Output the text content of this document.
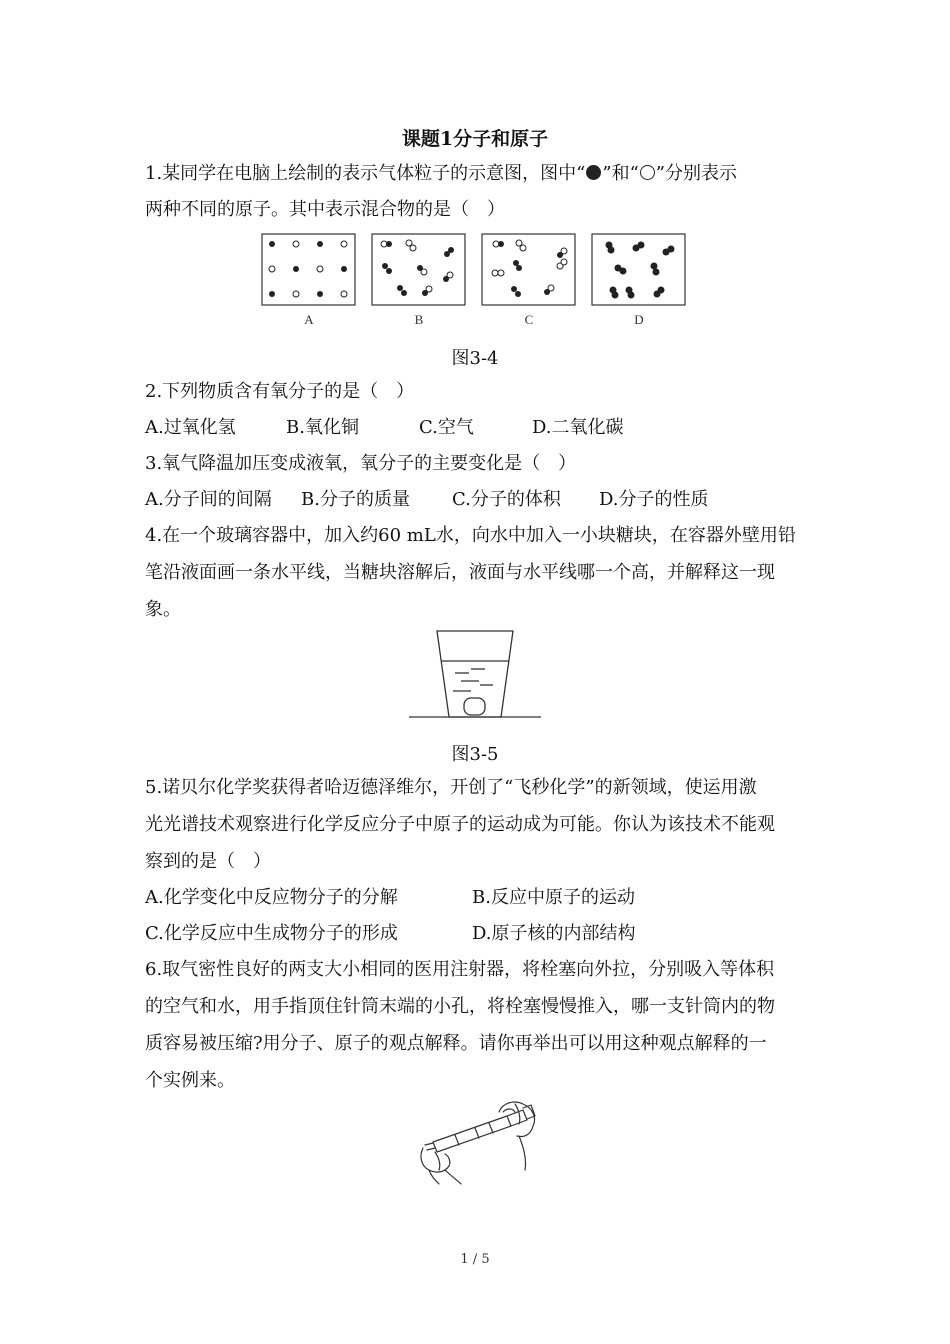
课题1分子和原子
1.某同学在电脑上绘制的表示气体粒子的示意图，图中“ ”和“ ”分别表示
两种不同的原子。其中表示混合物的是（　）
A	B	C	D
图3-4
2.下列物质含有氧分子的是（　）
A.过氧化氢	B.氧化铜	C.空气	D.二氧化碳
3.氧气降温加压变成液氧，氧分子的主要变化是（　）
A.分子间的间隔 B.分子的质量 C.分子的体积 D.分子的性质
4.在一个玻璃容器中，加入约60 mL水，向水中加入一小块糖块，在容器外壁用铅
笔沿液面画一条水平线，当糖块溶解后，液面与水平线哪一个高，并解释这一现
象。
图3-5
5.诺贝尔化学奖获得者哈迈德泽维尔，开创了“飞秒化学”的新领域，使运用激
光光谱技术观察进行化学反应分子中原子的运动成为可能。你认为该技术不能观
察到的是（　）
A.化学变化中反应物分子的分解	B.反应中原子的运动
C.化学反应中生成物分子的形成	D.原子核的内部结构
6.取气密性良好的两支大小相同的医用注射器，将栓塞向外拉，分别吸入等体积
的空气和水，用手指顶住针筒末端的小孔，将栓塞慢慢推入，哪一支针筒内的物
质容易被压缩?用分子、原子的观点解释。请你再举出可以用这种观点解释的一
个实例来。
1 / 5
